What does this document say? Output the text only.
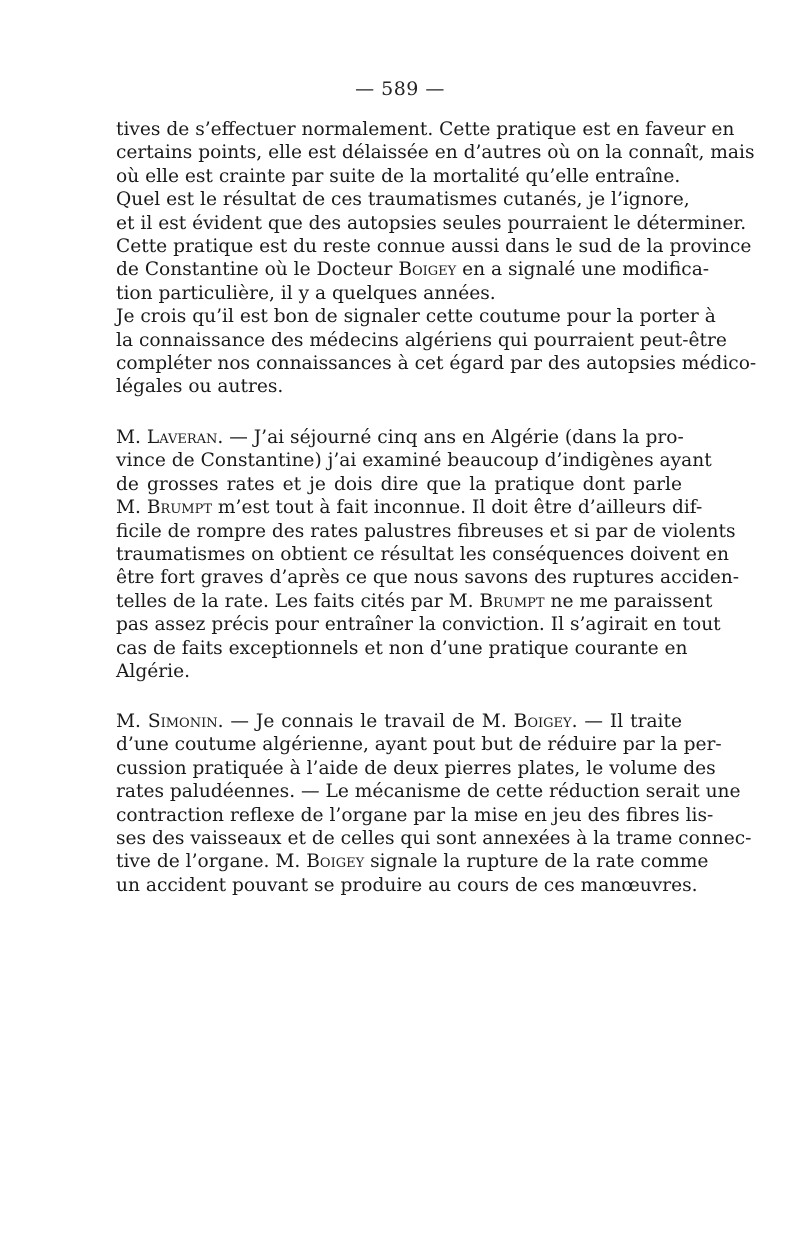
— 589 —
tives de s’effectuer normalement. Cette pratique est en faveur en
certains points, elle est délaissée en d’autres où on la connaît, mais
où elle est crainte par suite de la mortalité qu’elle entraîne.
Quel est le résultat de ces traumatismes cutanés, je l’ignore,
et il est évident que des autopsies seules pourraient le déterminer.
Cette pratique est du reste connue aussi dans le sud de la province
de Constantine où le Docteur Boigey en a signalé une modifica-
tion particulière, il y a quelques années.
Je crois qu’il est bon de signaler cette coutume pour la porter à
la connaissance des médecins algériens qui pourraient peut-être
compléter nos connaissances à cet égard par des autopsies médico-
légales ou autres.
M. Laveran. — J’ai séjourné cinq ans en Algérie (dans la pro-
vince de Constantine) j’ai examiné beaucoup d’indigènes ayant
de grosses rates et je dois dire que la pratique dont parle
M. Brumpt m’est tout à fait inconnue. Il doit être d’ailleurs dif-
ficile de rompre des rates palustres fibreuses et si par de violents
traumatismes on obtient ce résultat les conséquences doivent en
être fort graves d’après ce que nous savons des ruptures acciden-
telles de la rate. Les faits cités par M. Brumpt ne me paraissent
pas assez précis pour entraîner la conviction. Il s’agirait en tout
cas de faits exceptionnels et non d’une pratique courante en
Algérie.
M. Simonin. — Je connais le travail de M. Boigey. — Il traite
d’une coutume algérienne, ayant pout but de réduire par la per-
cussion pratiquée à l’aide de deux pierres plates, le volume des
rates paludéennes. — Le mécanisme de cette réduction serait une
contraction reflexe de l’organe par la mise en jeu des fibres lis-
ses des vaisseaux et de celles qui sont annexées à la trame connec-
tive de l’organe. M. Boigey signale la rupture de la rate comme
un accident pouvant se produire au cours de ces manœuvres.
